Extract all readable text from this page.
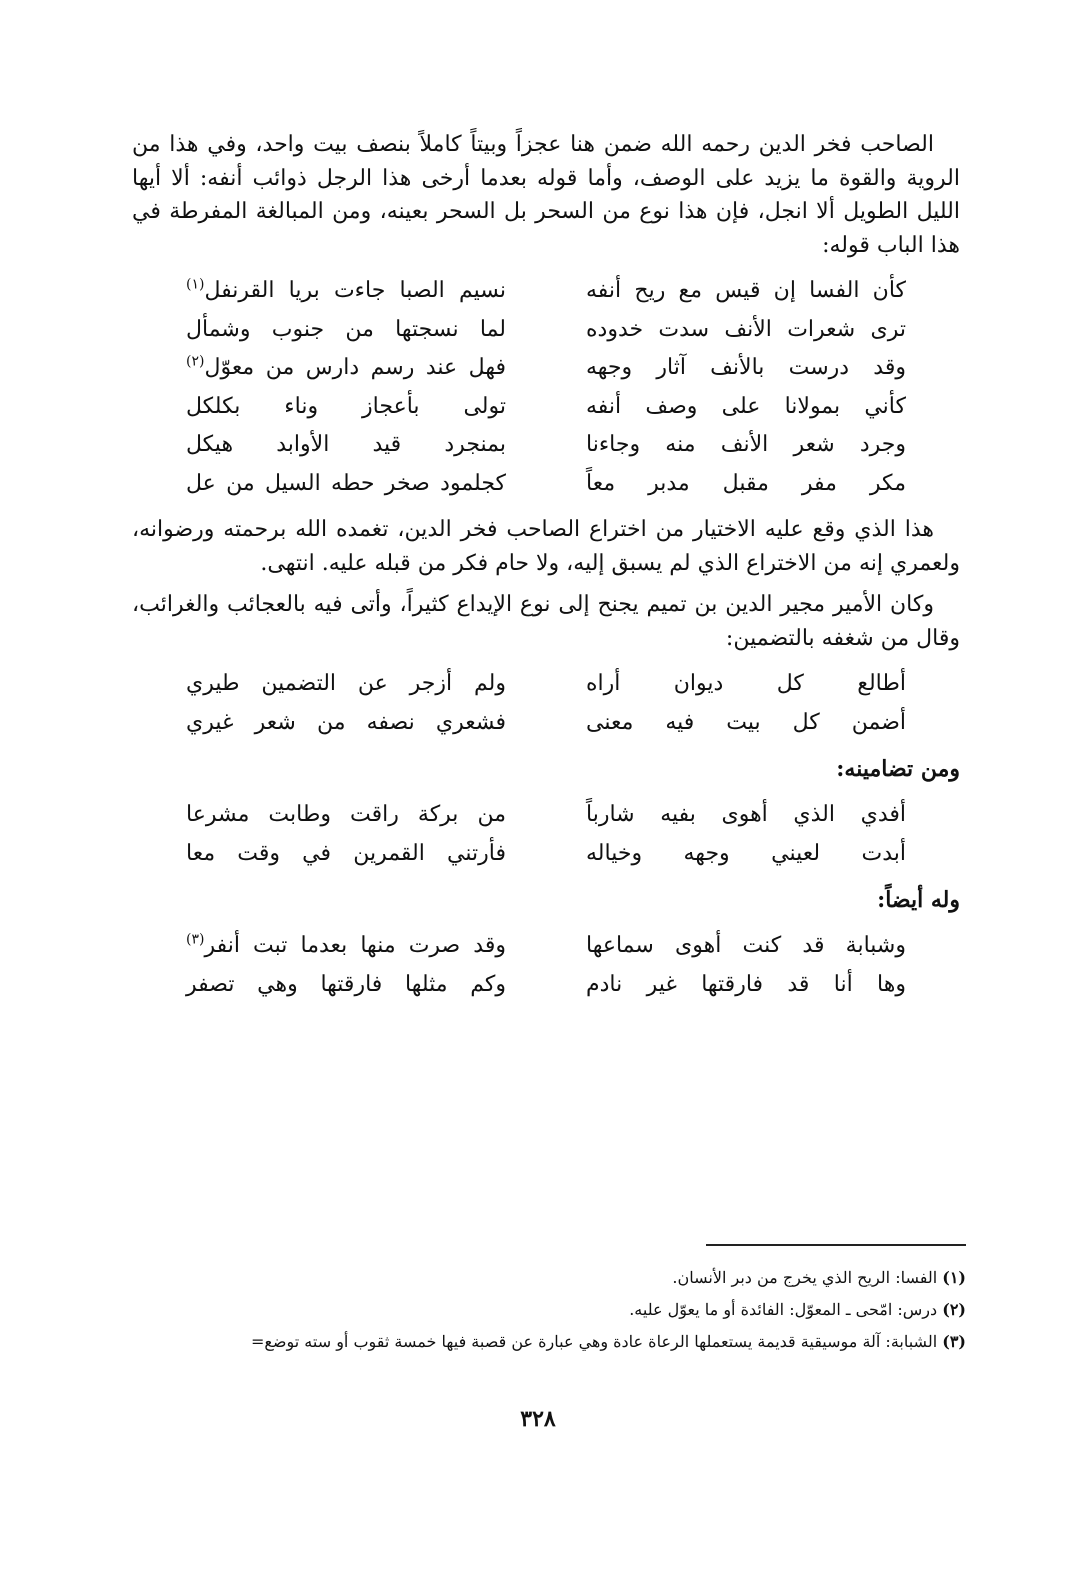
الصاحب فخر الدين رحمه الله ضمن هنا عجزاً وبيتاً كاملاً بنصف بيت واحد، وفي هذا من الروية والقوة ما يزيد على الوصف، وأما قوله بعدما أرخى هذا الرجل ذوائب أنفه: ألا أيها الليل الطويل ألا انجل، فإن هذا نوع من السحر بل السحر بعينه، ومن المبالغة المفرطة في هذا الباب قوله:

كأن الفسا إن قيس مع ريح أنفه
نسيم الصبا جاءت بريا القرنفل$^{(١)}$
ترى شعرات الأنف سدت خدوده
لما نسجتها من جنوب وشمأل
وقد درست بالأنف آثار وجهه
فهل عند رسم دارس من معوّل$^{(٢)}$
كأني بمولانا على وصف أنفه
تولى بأعجاز وناء بكلكل
وجرد شعر الأنف منه وجاءنا
بمنجرد قيد الأوابد هيكل
مكر مفر مقبل مدبر معاً
كجلمود صخر حطه السيل من عل

هذا الذي وقع عليه الاختيار من اختراع الصاحب فخر الدين، تغمده الله برحمته ورضوانه، ولعمري إنه من الاختراع الذي لم يسبق إليه، ولا حام فكر من قبله عليه. انتهى.

وكان الأمير مجير الدين بن تميم يجنح إلى نوع الإيداع كثيراً، وأتى فيه بالعجائب والغرائب، وقال من شغفه بالتضمين:

أطالع كل ديوان أراه
ولم أزجر عن التضمين طيري
أضمن كل بيت فيه معنى
فشعري نصفه من شعر غيري
ومن تضامينه:
أفدي الذي أهوى بفيه شارباً
من بركة راقت وطابت مشرعا
أبدت لعيني وجهه وخياله
فأرتني القمرين في وقت معا
وله أيضاً:
وشبابة قد كنت أهوى سماعها
وقد صرت منها بعدما تبت أنفر$^{(٣)}$
وها أنا قد فارقتها غير نادم
وكم مثلها فارقتها وهي تصفر
(١) الفسا: الريح الذي يخرج من دبر الأنسان.
(٢) درس: امّحى ـ المعوّل: الفائدة أو ما يعوّل عليه.
(٣) الشبابة: آلة موسيقية قديمة يستعملها الرعاة عادة وهي عبارة عن قصبة فيها خمسة ثقوب أو سته توضع=
٣٢٨
